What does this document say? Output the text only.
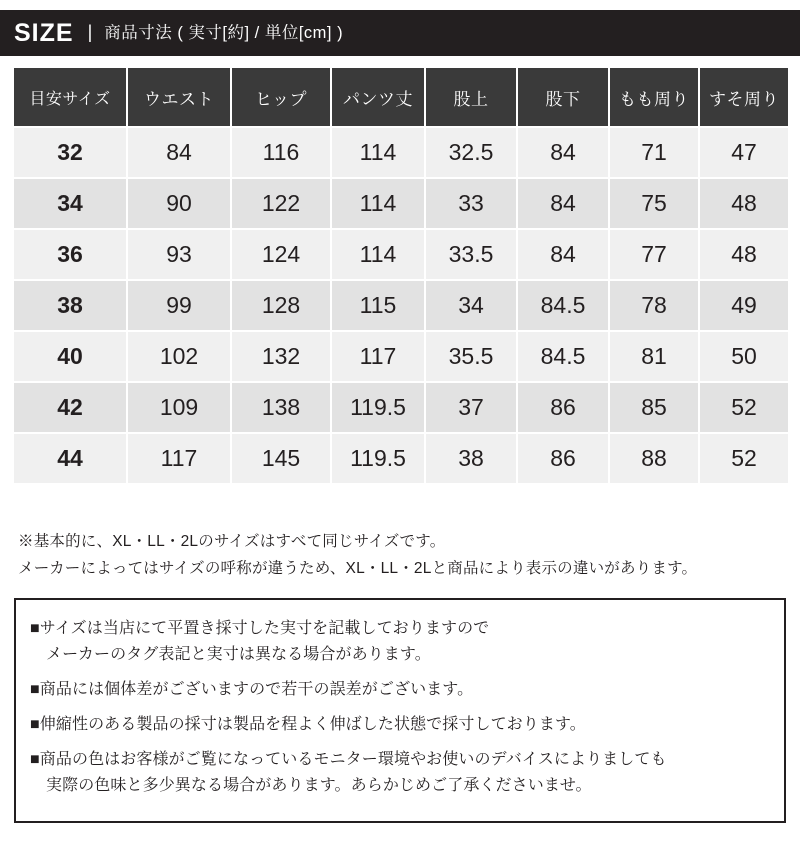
SIZE | 商品寸法 ( 実寸[約] / 単位[cm] )
目安サイズ	ウエスト	ヒップ	パンツ丈	股上	股下	もも周り	すそ周り
32	84	116	114	32.5	84	71	47
34	90	122	114	33	84	75	48
36	93	124	114	33.5	84	77	48
38	99	128	115	34	84.5	78	49
40	102	132	117	35.5	84.5	81	50
42	109	138	119.5	37	86	85	52
44	117	145	119.5	38	86	88	52

※基本的に、XL・LL・2Lのサイズはすべて同じサイズです。

メーカーによってはサイズの呼称が違うため、XL・LL・2Lと商品により表示の違いがあります。

■サイズは当店にて平置き採寸した実寸を記載しておりますので
メーカーのタグ表記と実寸は異なる場合があります。
■商品には個体差がございますので若干の誤差がございます。
■伸縮性のある製品の採寸は製品を程よく伸ばした状態で採寸しております。
■商品の色はお客様がご覧になっているモニター環境やお使いのデバイスによりましても
実際の色味と多少異なる場合があります。あらかじめご了承くださいませ。
